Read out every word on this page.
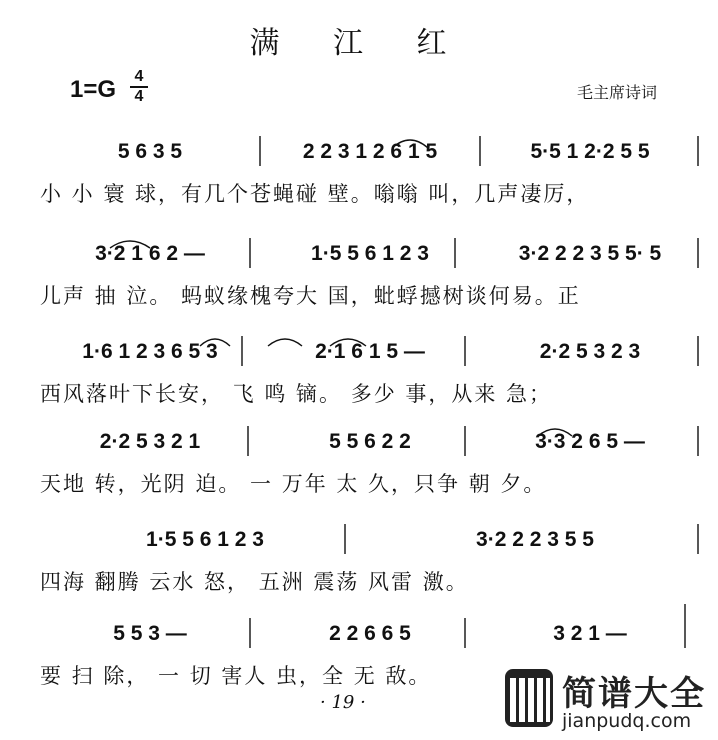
满 江 红
1=G 4
4	毛主席诗词
5 6 3 5	2 2 3 1 2 6 1 5	5·5 1 2·2 5 5
小 小 寰 球，有几个苍蝇碰 壁。嗡嗡 叫，几声凄厉，
3·2 1 6 2 —	1·5 5 6 1 2 3	3·2 2 2 3 5 5· 5
儿声 抽 泣。 蚂蚁缘槐夸大 国，蚍蜉撼树谈何易。正
1·6 1 2 3 6 5 3	2·1 6 1 5 —	2·2 5 3 2 3
西风落叶下长安， 飞 鸣 镝。 多少 事，从来 急；
2·2 5 3 2 1	5 5 6 2 2	3·3 2 6 5 —
天地 转，光阴 迫。 一 万年 太 久，只争 朝 夕。
1·5 5 6 1 2 3	3·2 2 2 3 5 5
四海 翻腾 云水 怒， 五洲 震荡 风雷 激。
5 5 3 —	2 2 6 6 5	3 2 1 —
要 扫 除， 一 切 害人 虫，全 无 敌。
· 19 ·	简谱大全
jianpudq.com
